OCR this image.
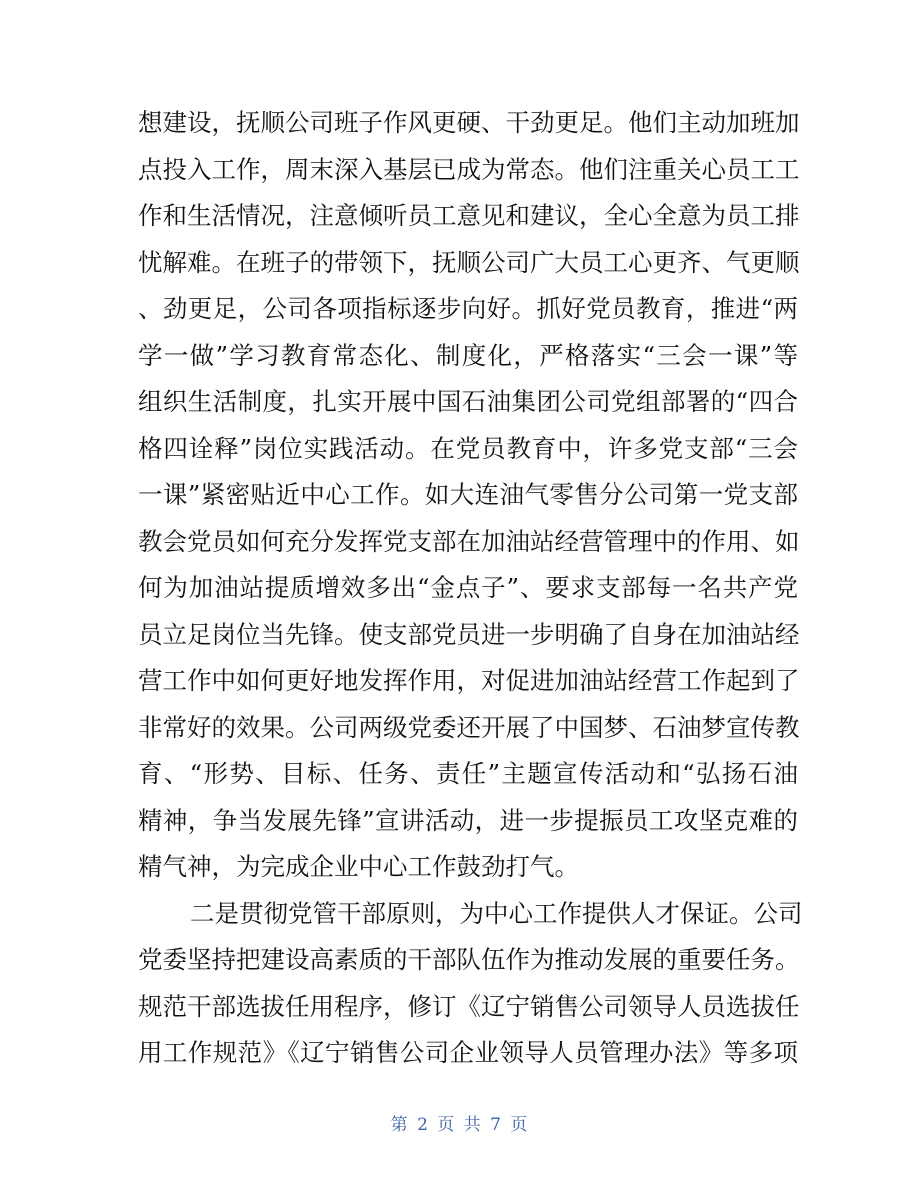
想建设，抚顺公司班子作风更硬、干劲更足。他们主动加班加
点投入工作，周末深入基层已成为常态。他们注重关心员工工
作和生活情况，注意倾听员工意见和建议，全心全意为员工排
忧解难。在班子的带领下，抚顺公司广大员工心更齐、气更顺
、劲更足，公司各项指标逐步向好。抓好党员教育，推进“两
学一做”学习教育常态化、制度化，严格落实“三会一课”等
组织生活制度，扎实开展中国石油集团公司党组部署的“四合
格四诠释”岗位实践活动。在党员教育中，许多党支部“三会
一课”紧密贴近中心工作。如大连油气零售分公司第一党支部
教会党员如何充分发挥党支部在加油站经营管理中的作用、如
何为加油站提质增效多出“金点子”、要求支部每一名共产党
员立足岗位当先锋。使支部党员进一步明确了自身在加油站经
营工作中如何更好地发挥作用，对促进加油站经营工作起到了
非常好的效果。公司两级党委还开展了中国梦、石油梦宣传教
育、“形势、目标、任务、责任”主题宣传活动和“弘扬石油
精神，争当发展先锋”宣讲活动，进一步提振员工攻坚克难的
精气神，为完成企业中心工作鼓劲打气。
二是贯彻党管干部原则，为中心工作提供人才保证。公司
党委坚持把建设高素质的干部队伍作为推动发展的重要任务。
规范干部选拔任用程序，修订《辽宁销售公司领导人员选拔任
用工作规范》《辽宁销售公司企业领导人员管理办法》等多项
第 2 页 共 7 页
